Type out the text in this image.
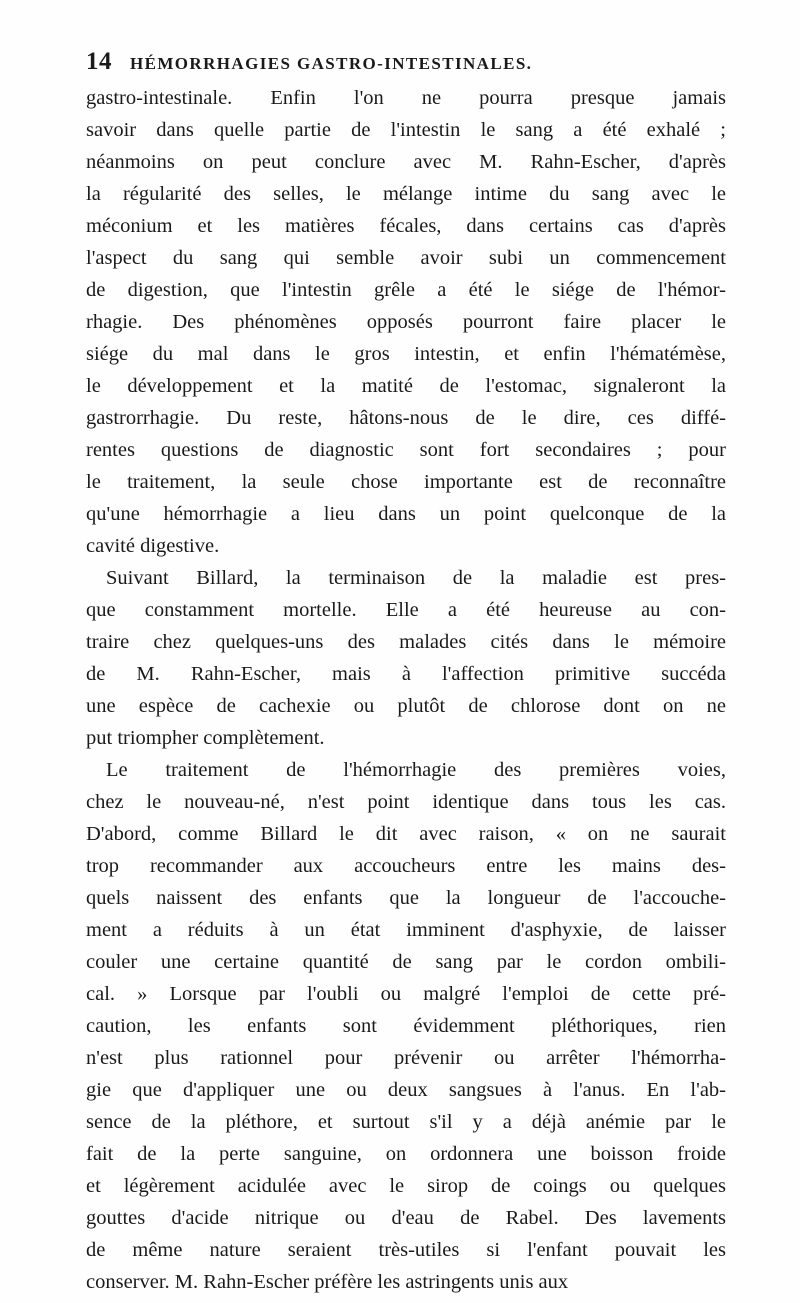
14 HÉMORRHAGIES GASTRO-INTESTINALES.
gastro-intestinale. Enfin l'on ne pourra presque jamais
savoir dans quelle partie de l'intestin le sang a été exhalé ;
néanmoins on peut conclure avec M. Rahn-Escher, d'après
la régularité des selles, le mélange intime du sang avec le
méconium et les matières fécales, dans certains cas d'après
l'aspect du sang qui semble avoir subi un commencement
de digestion, que l'intestin grêle a été le siége de l'hémor-
rhagie. Des phénomènes opposés pourront faire placer le
siége du mal dans le gros intestin, et enfin l'hématémèse,
le développement et la matité de l'estomac, signaleront la
gastrorrhagie. Du reste, hâtons-nous de le dire, ces diffé-
rentes questions de diagnostic sont fort secondaires ; pour
le traitement, la seule chose importante est de reconnaître
qu'une hémorrhagie a lieu dans un point quelconque de la
cavité digestive.
Suivant Billard, la terminaison de la maladie est pres-
que constamment mortelle. Elle a été heureuse au con-
traire chez quelques-uns des malades cités dans le mémoire
de M. Rahn-Escher, mais à l'affection primitive succéda
une espèce de cachexie ou plutôt de chlorose dont on ne
put triompher complètement.
Le traitement de l'hémorrhagie des premières voies,
chez le nouveau-né, n'est point identique dans tous les cas.
D'abord, comme Billard le dit avec raison, « on ne saurait
trop recommander aux accoucheurs entre les mains des-
quels naissent des enfants que la longueur de l'accouche-
ment a réduits à un état imminent d'asphyxie, de laisser
couler une certaine quantité de sang par le cordon ombili-
cal. » Lorsque par l'oubli ou malgré l'emploi de cette pré-
caution, les enfants sont évidemment pléthoriques, rien
n'est plus rationnel pour prévenir ou arrêter l'hémorrha-
gie que d'appliquer une ou deux sangsues à l'anus. En l'ab-
sence de la pléthore, et surtout s'il y a déjà anémie par le
fait de la perte sanguine, on ordonnera une boisson froide
et légèrement acidulée avec le sirop de coings ou quelques
gouttes d'acide nitrique ou d'eau de Rabel. Des lavements
de même nature seraient très-utiles si l'enfant pouvait les
conserver. M. Rahn-Escher préfère les astringents unis aux
